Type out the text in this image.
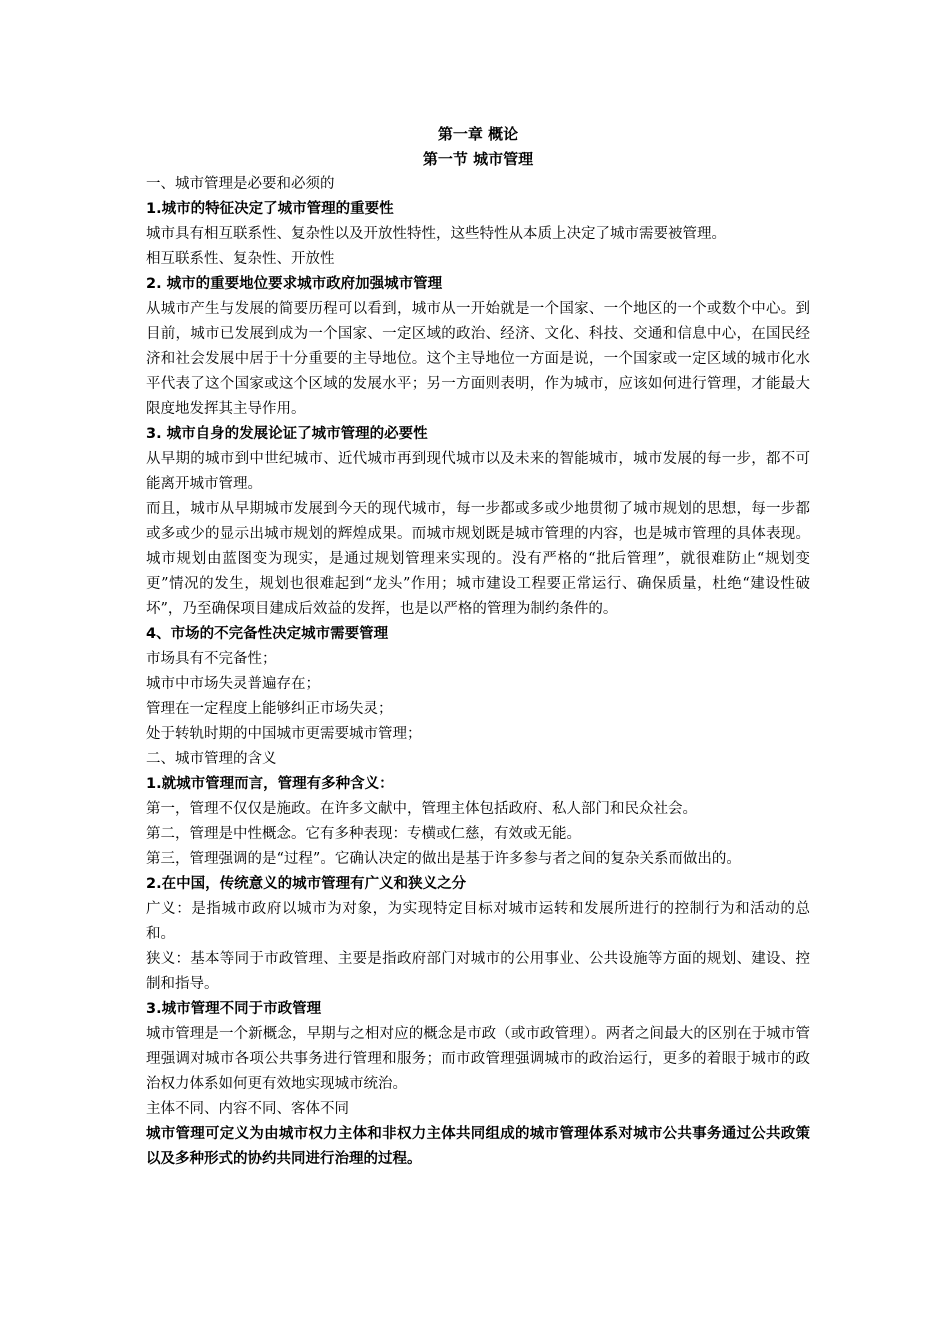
第一章 概论

第一节 城市管理

一、城市管理是必要和必须的

1.城市的特征决定了城市管理的重要性

城市具有相互联系性、复杂性以及开放性特性，这些特性从本质上决定了城市需要被管理。

相互联系性、复杂性、开放性

2. 城市的重要地位要求城市政府加强城市管理

从城市产生与发展的简要历程可以看到，城市从一开始就是一个国家、一个地区的一个或数个中心。到目前，城市已发展到成为一个国家、一定区域的政治、经济、文化、科技、交通和信息中心，在国民经济和社会发展中居于十分重要的主导地位。这个主导地位一方面是说，一个国家或一定区域的城市化水平代表了这个国家或这个区域的发展水平；另一方面则表明，作为城市，应该如何进行管理，才能最大限度地发挥其主导作用。

3. 城市自身的发展论证了城市管理的必要性

从早期的城市到中世纪城市、近代城市再到现代城市以及未来的智能城市，城市发展的每一步，都不可能离开城市管理。

而且，城市从早期城市发展到今天的现代城市，每一步都或多或少地贯彻了城市规划的思想，每一步都或多或少的显示出城市规划的辉煌成果。而城市规划既是城市管理的内容，也是城市管理的具体表现。城市规划由蓝图变为现实，是通过规划管理来实现的。没有严格的“批后管理”，就很难防止“规划变更”情况的发生，规划也很难起到“龙头”作用；城市建设工程要正常运行、确保质量，杜绝“建设性破坏”，乃至确保项目建成后效益的发挥，也是以严格的管理为制约条件的。

4、市场的不完备性决定城市需要管理

市场具有不完备性；

城市中市场失灵普遍存在；

管理在一定程度上能够纠正市场失灵；

处于转轨时期的中国城市更需要城市管理；

二、城市管理的含义

1.就城市管理而言，管理有多种含义：

第一，管理不仅仅是施政。在许多文献中，管理主体包括政府、私人部门和民众社会。

第二，管理是中性概念。它有多种表现：专横或仁慈，有效或无能。

第三，管理强调的是“过程”。它确认决定的做出是基于许多参与者之间的复杂关系而做出的。

2.在中国，传统意义的城市管理有广义和狭义之分

广义：是指城市政府以城市为对象，为实现特定目标对城市运转和发展所进行的控制行为和活动的总和。

狭义：基本等同于市政管理、主要是指政府部门对城市的公用事业、公共设施等方面的规划、建设、控制和指导。

3.城市管理不同于市政管理

城市管理是一个新概念，早期与之相对应的概念是市政（或市政管理）。两者之间最大的区别在于城市管理强调对城市各项公共事务进行管理和服务；而市政管理强调城市的政治运行，更多的着眼于城市的政治权力体系如何更有效地实现城市统治。

主体不同、内容不同、客体不同

城市管理可定义为由城市权力主体和非权力主体共同组成的城市管理体系对城市公共事务通过公共政策以及多种形式的协约共同进行治理的过程。
